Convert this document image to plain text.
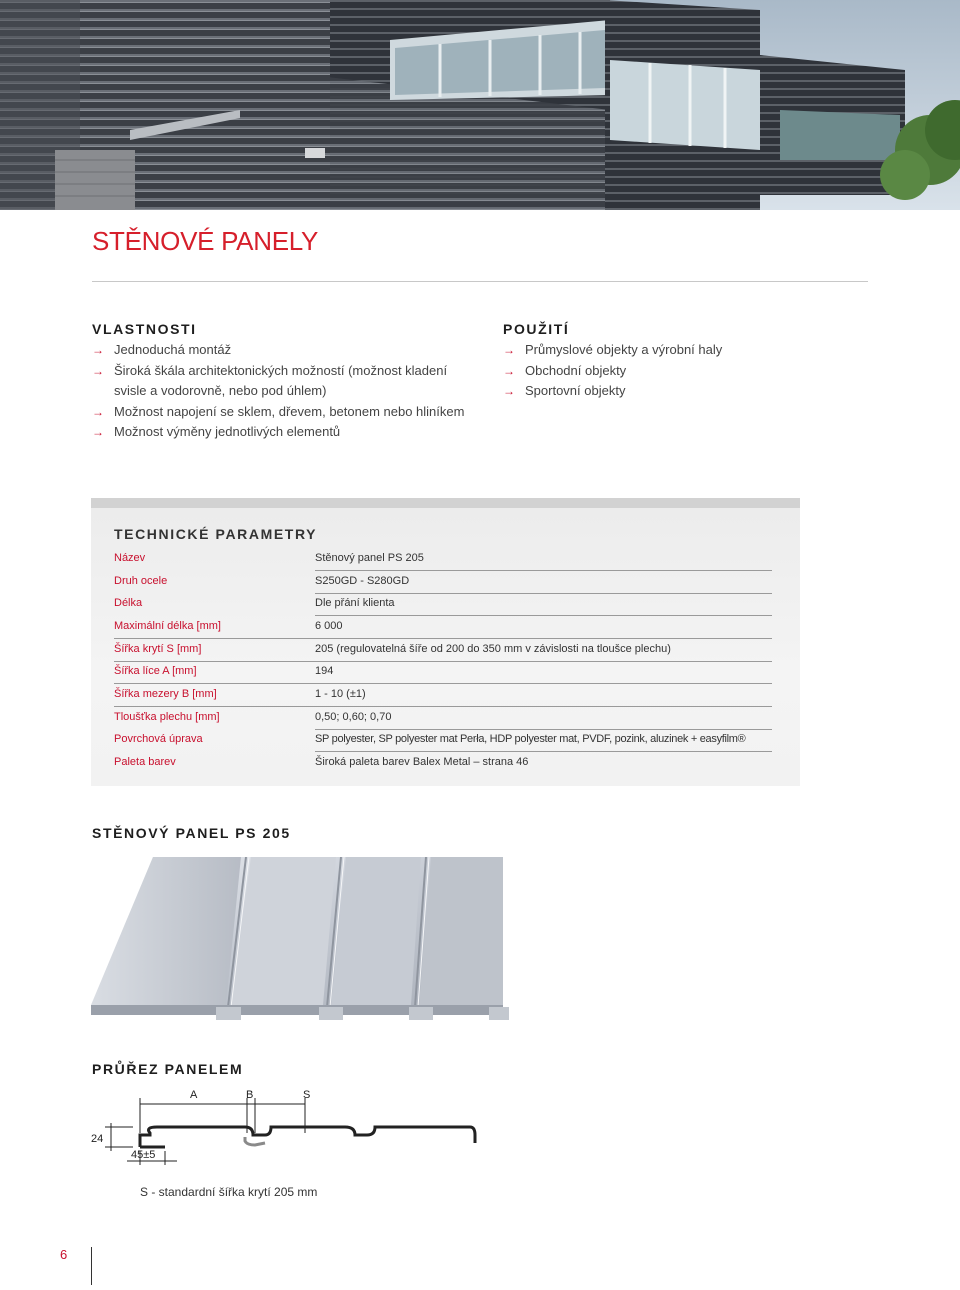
STĚNOVÉ PANELY
VLASTNOSTI
→ Jednoduchá montáž
→ Široká škála architektonických možností (možnost kladení
svisle a vodorovně, nebo pod úhlem)
→ Možnost napojení se sklem, dřevem, betonem nebo hliníkem
→ Možnost výměny jednotlivých elementů
POUŽITÍ
→ Průmyslové objekty a výrobní haly
→ Obchodní objekty
→ Sportovní objekty
TECHNICKÉ PARAMETRY
Název	Stěnový panel PS 205
Druh ocele	S250GD - S280GD
Délka	Dle přání klienta
Maximální délka [mm]	6 000
Šířka krytí S [mm]	205 (regulovatelná šíře od 200 do 350 mm v závislosti na tloušce plechu)
Šířka líce A [mm]	194
Šířka mezery B [mm]	1 - 10 (±1)
Tloušťka plechu [mm]	0,50; 0,60; 0,70
Povrchová úprava	SP polyester, SP polyester mat Perła, HDP polyester mat, PVDF, pozink, aluzinek + easyfilm®
Paleta barev	Široká paleta barev Balex Metal – strana 46
STĚNOVÝ PANEL PS 205
PRŮŘEZ PANELEM
A	B	S
24
45±5
S - standardní šířka krytí 205 mm
6
